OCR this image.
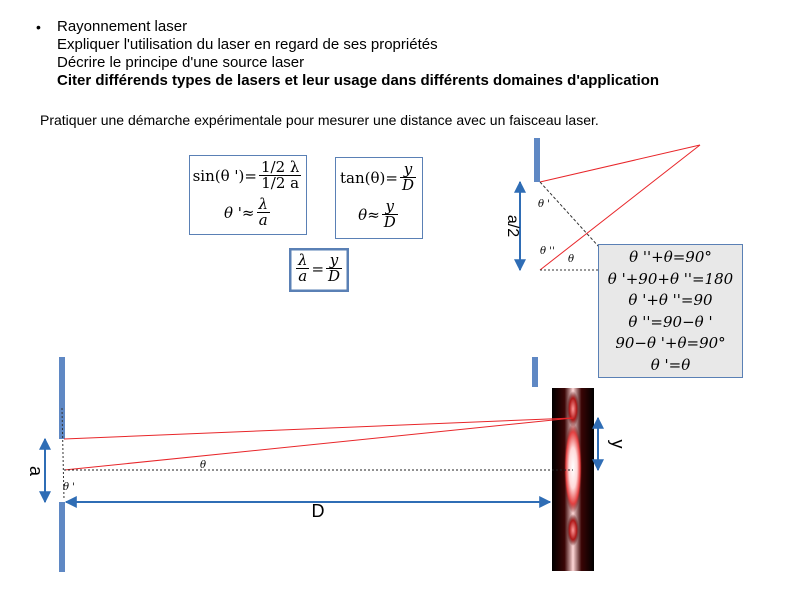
•	Rayonnement laser
Expliquer l'utilisation du laser en regard de ses propriétés
Décrire le principe d'une source laser
Citer différends types de lasers et leur usage dans différents domaines d'application
Pratiquer une démarche expérimentale pour mesurer une distance avec un faisceau laser.
a/2
θ '
θ ''
θ
a
D
y
θ
θ '
sin(θ ')= $\frac{1/2 \lambda}{1/2 a}$
θ '≈ $\frac{\lambda}{a}$
$\tan(\theta)= \frac{y}{D}$
$\theta\approx \frac{y}{D}$
$\frac{\lambda}{a} = \frac{y}{D}$	θ ''+θ=90°
θ '+90+θ ''=180
θ '+θ ''=90
θ ''=90−θ '
90−θ '+θ=90°
θ '=θ
